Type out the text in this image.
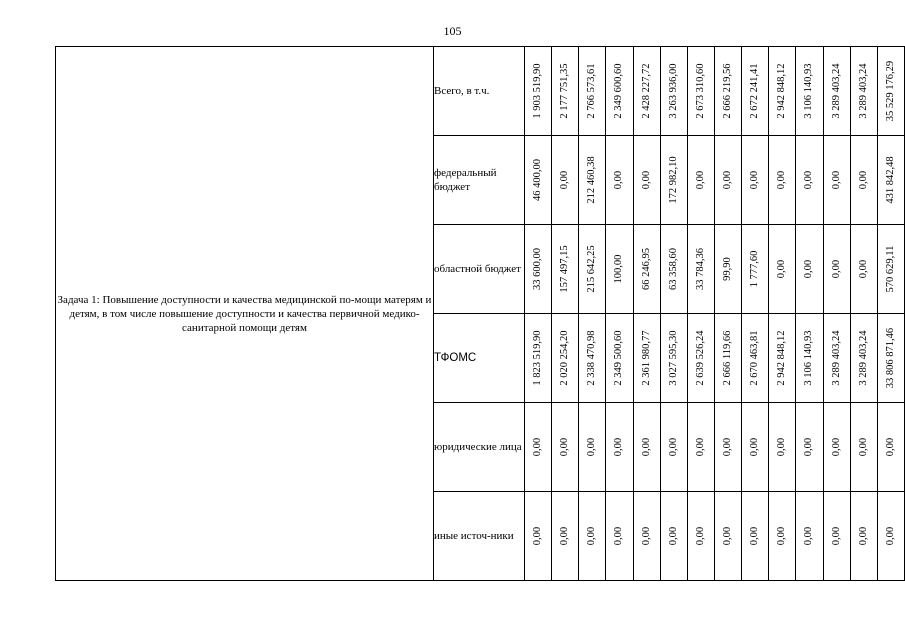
105
Задача 1: Повышение доступности и качества медицинской по-мощи матерям и детям, в том числе повышение доступности и качества первичной медико-санитарной помощи детям	Всего, в т.ч.	1 903 519,90	2 177 751,35	2 766 573,61	2 349 600,60	2 428 227,72	3 263 936,00	2 673 310,60	2 666 219,56	2 672 241,41	2 942 848,12	3 106 140,93	3 289 403,24	3 289 403,24	35 529 176,29

	федеральный бюджет	46 400,00	0,00	212 460,38	0,00	0,00	172 982,10	0,00	0,00	0,00	0,00	0,00	0,00	0,00	431 842,48

	областной бюджет	33 600,00	157 497,15	215 642,25	100,00	66 246,95	63 358,60	33 784,36	99,90	1 777,60	0,00	0,00	0,00	0,00	570 629,11

	ТФОМС	1 823 519,90	2 020 254,20	2 338 470,98	2 349 500,60	2 361 980,77	3 027 595,30	2 639 526,24	2 666 119,66	2 670 463,81	2 942 848,12	3 106 140,93	3 289 403,24	3 289 403,24	33 806 871,46

	юридические лица	0,00	0,00	0,00	0,00	0,00	0,00	0,00	0,00	0,00	0,00	0,00	0,00	0,00	0,00

	иные источ-ники	0,00	0,00	0,00	0,00	0,00	0,00	0,00	0,00	0,00	0,00	0,00	0,00	0,00	0,00
